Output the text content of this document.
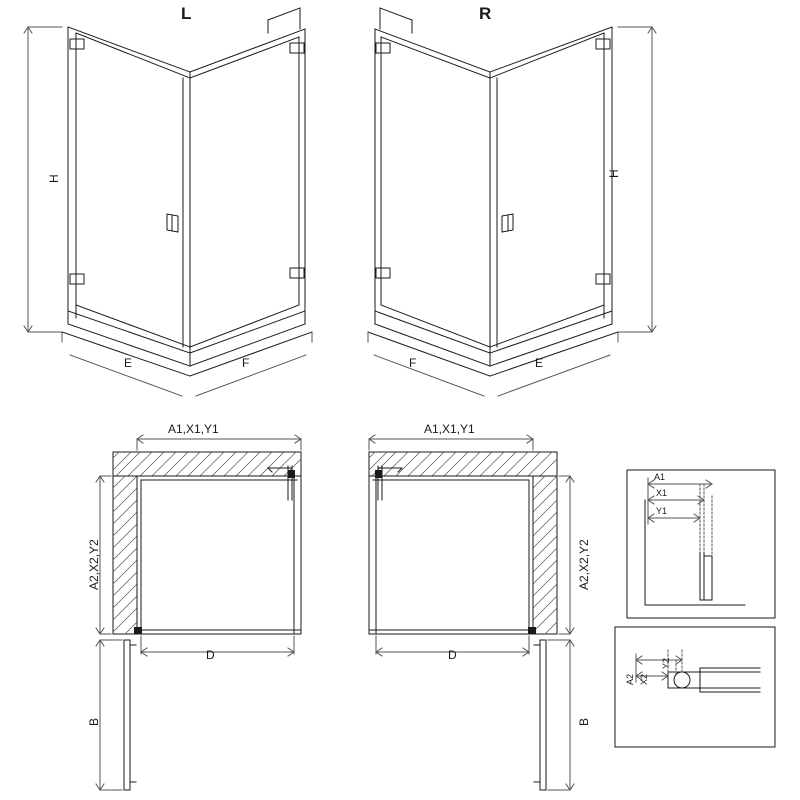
L	R
H
H
E	F	F	E
A1,X1,Y1
A2,X2,Y2
D
B
A1,X1,Y1
A2,X2,Y2
D
B
A1
X1
Y1
A2 X2
Y2
